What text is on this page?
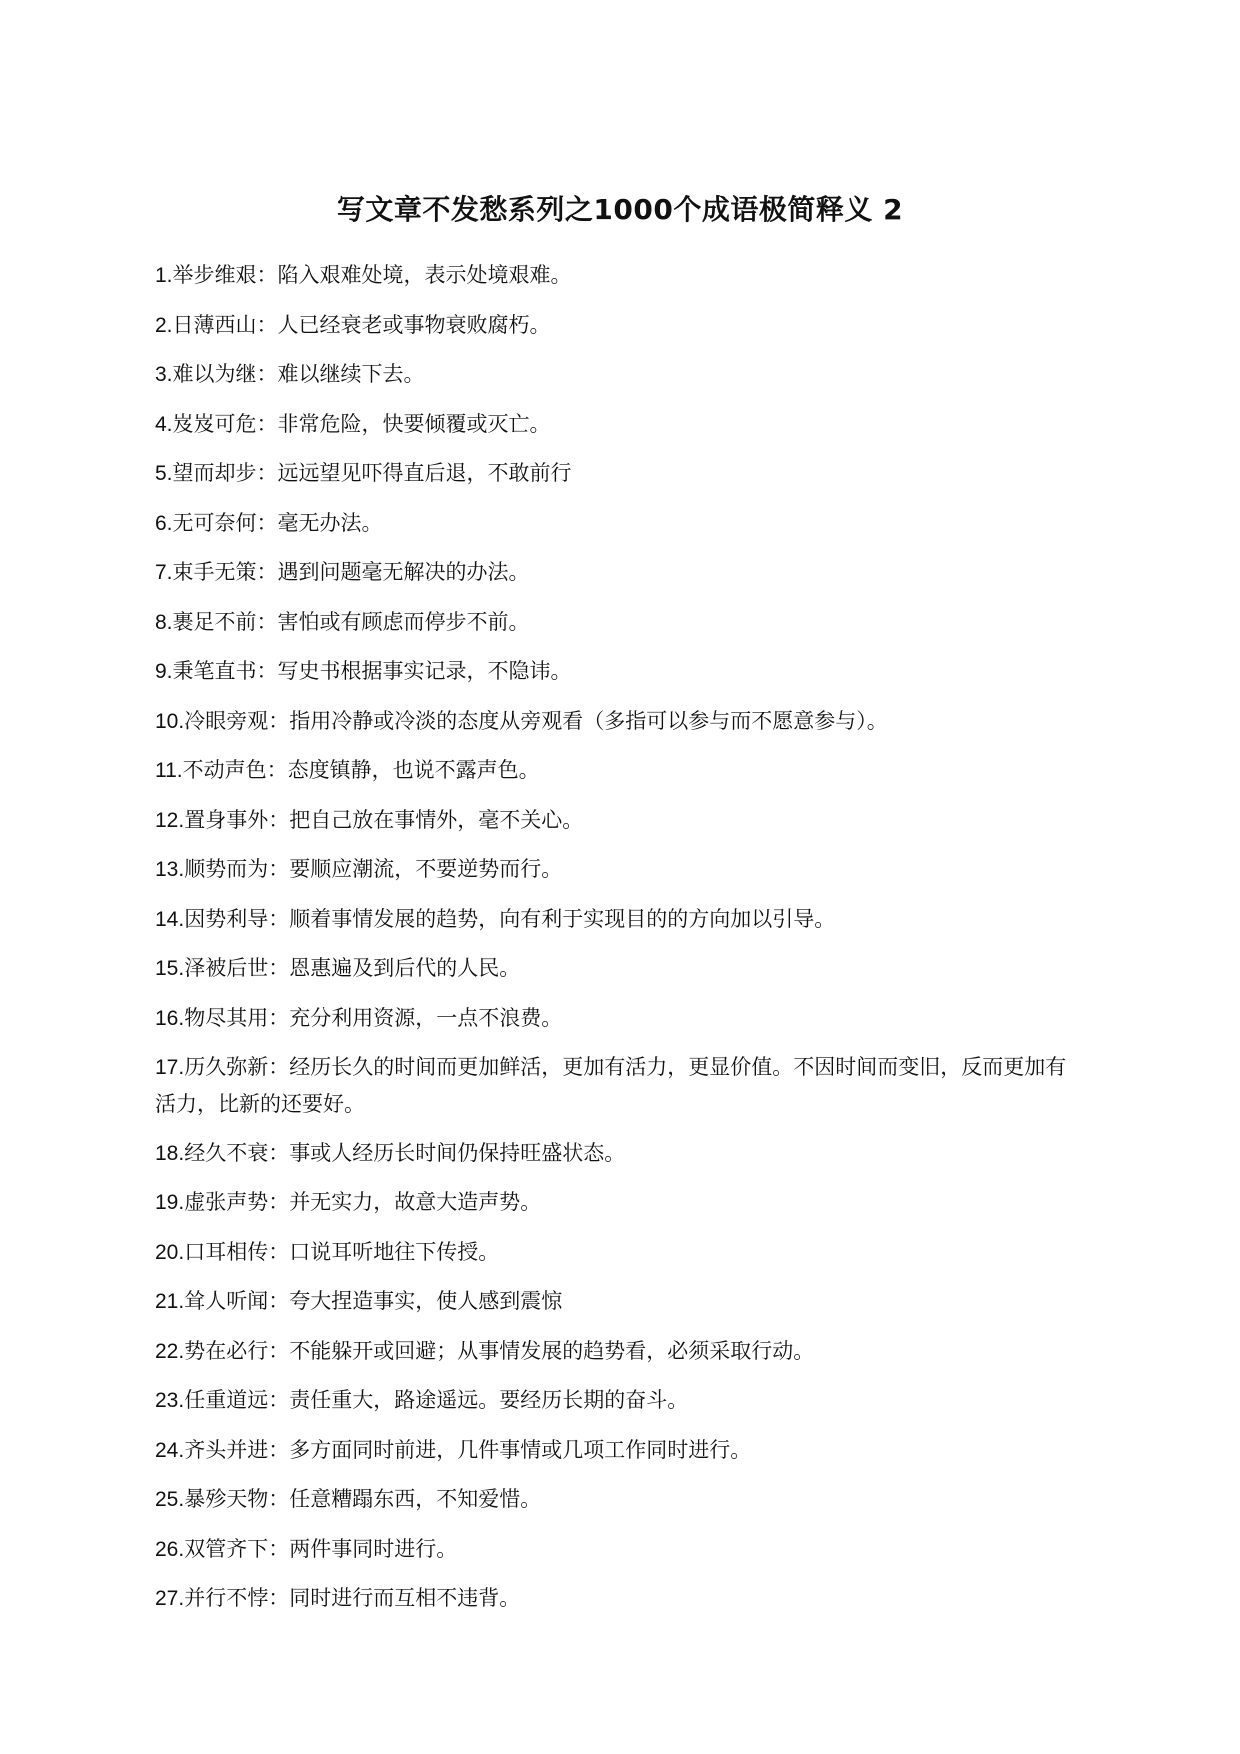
写文章不发愁系列之1000个成语极简释义 2
1.举步维艰：陷入艰难处境，表示处境艰难。
2.日薄西山：人已经衰老或事物衰败腐朽。
3.难以为继：难以继续下去。
4.岌岌可危：非常危险，快要倾覆或灭亡。
5.望而却步：远远望见吓得直后退，不敢前行
6.无可奈何：毫无办法。
7.束手无策：遇到问题毫无解决的办法。
8.裹足不前：害怕或有顾虑而停步不前。
9.秉笔直书：写史书根据事实记录，不隐讳。
10.冷眼旁观：指用冷静或冷淡的态度从旁观看（多指可以参与而不愿意参与）。
11.不动声色：态度镇静，也说不露声色。
12.置身事外：把自己放在事情外，毫不关心。
13.顺势而为：要顺应潮流，不要逆势而行。
14.因势利导：顺着事情发展的趋势，向有利于实现目的的方向加以引导。
15.泽被后世：恩惠遍及到后代的人民。
16.物尽其用：充分利用资源，一点不浪费。
17.历久弥新：经历长久的时间而更加鲜活，更加有活力，更显价值。不因时间而变旧，反而更加有活力，比新的还要好。
18.经久不衰：事或人经历长时间仍保持旺盛状态。
19.虚张声势：并无实力，故意大造声势。
20.口耳相传：口说耳听地往下传授。
21.耸人听闻：夸大捏造事实，使人感到震惊
22.势在必行：不能躲开或回避；从事情发展的趋势看，必须采取行动。
23.任重道远：责任重大，路途遥远。要经历长期的奋斗。
24.齐头并进：多方面同时前进，几件事情或几项工作同时进行。
25.暴殄天物：任意糟蹋东西，不知爱惜。
26.双管齐下：两件事同时进行。
27.并行不悖：同时进行而互相不违背。
